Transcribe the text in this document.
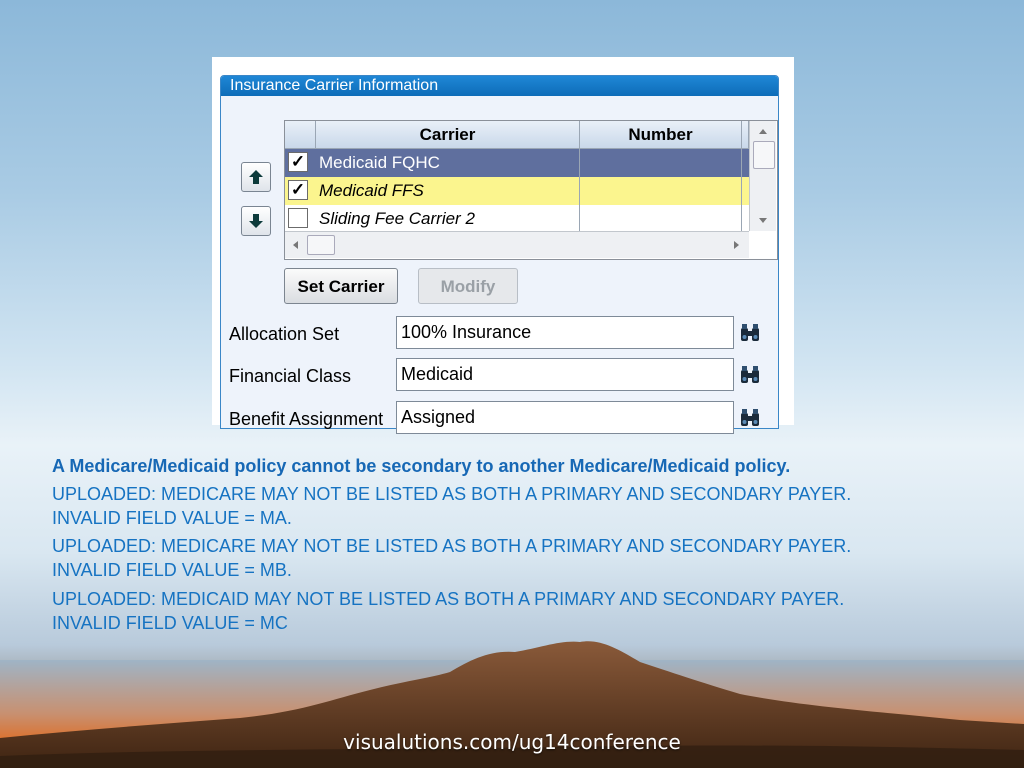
Insurance Carrier Information
Carrier	Number
✓ Medicaid FQHC
✓ Medicaid FFS
Sliding Fee Carrier 2
Set Carrier	Modify
Allocation Set	100% Insurance
Financial Class	Medicaid
Benefit Assignment Assigned
A Medicare/Medicaid policy cannot be secondary to another Medicare/Medicaid policy.
UPLOADED: MEDICARE MAY NOT BE LISTED AS BOTH A PRIMARY AND SECONDARY PAYER.
INVALID FIELD VALUE = MA.
UPLOADED: MEDICARE MAY NOT BE LISTED AS BOTH A PRIMARY AND SECONDARY PAYER.
INVALID FIELD VALUE = MB.
UPLOADED: MEDICAID MAY NOT BE LISTED AS BOTH A PRIMARY AND SECONDARY PAYER.
INVALID FIELD VALUE = MC
visualutions.com/ug14conference
